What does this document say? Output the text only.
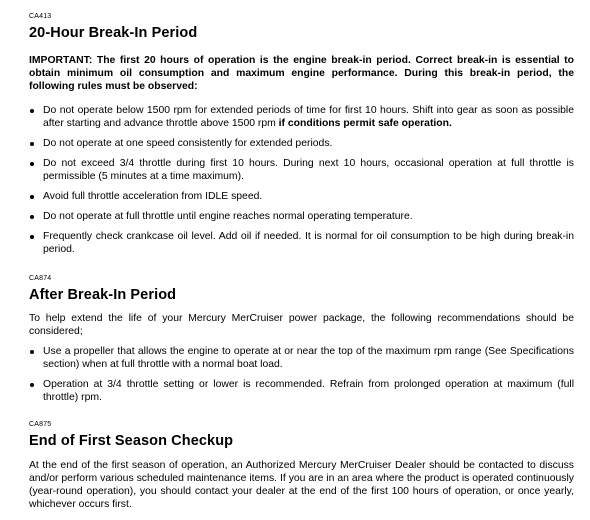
CA413

20-Hour Break-In Period

IMPORTANT: The first 20 hours of operation is the engine break-in period. Correct break-in is essential to obtain minimum oil consumption and maximum engine performance. During this break-in period, the following rules must be observed:

Do not operate below 1500 rpm for extended periods of time for first 10 hours. Shift into gear as soon as possible after starting and advance throttle above 1500 rpm if conditions permit safe operation.
Do not operate at one speed consistently for extended periods.
Do not exceed 3/4 throttle during first 10 hours. During next 10 hours, occasional operation at full throttle is permissible (5 minutes at a time maximum).
Avoid full throttle acceleration from IDLE speed.
Do not operate at full throttle until engine reaches normal operating temperature.
Frequently check crankcase oil level. Add oil if needed. It is normal for oil consumption to be high during break-in period.

CA874

After Break-In Period

To help extend the life of your Mercury MerCruiser power package, the following recommendations should be considered;

Use a propeller that allows the engine to operate at or near the top of the maximum rpm range (See Specifications section) when at full throttle with a normal boat load.
Operation at 3/4 throttle setting or lower is recommended. Refrain from prolonged operation at maximum (full throttle) rpm.

CA875

End of First Season Checkup

At the end of the first season of operation, an Authorized Mercury MerCruiser Dealer should be contacted to discuss and/or perform various scheduled maintenance items. If you are in an area where the product is operated continuously (year-round operation), you should contact your dealer at the end of the first 100 hours of operation, or once yearly, whichever occurs first.
